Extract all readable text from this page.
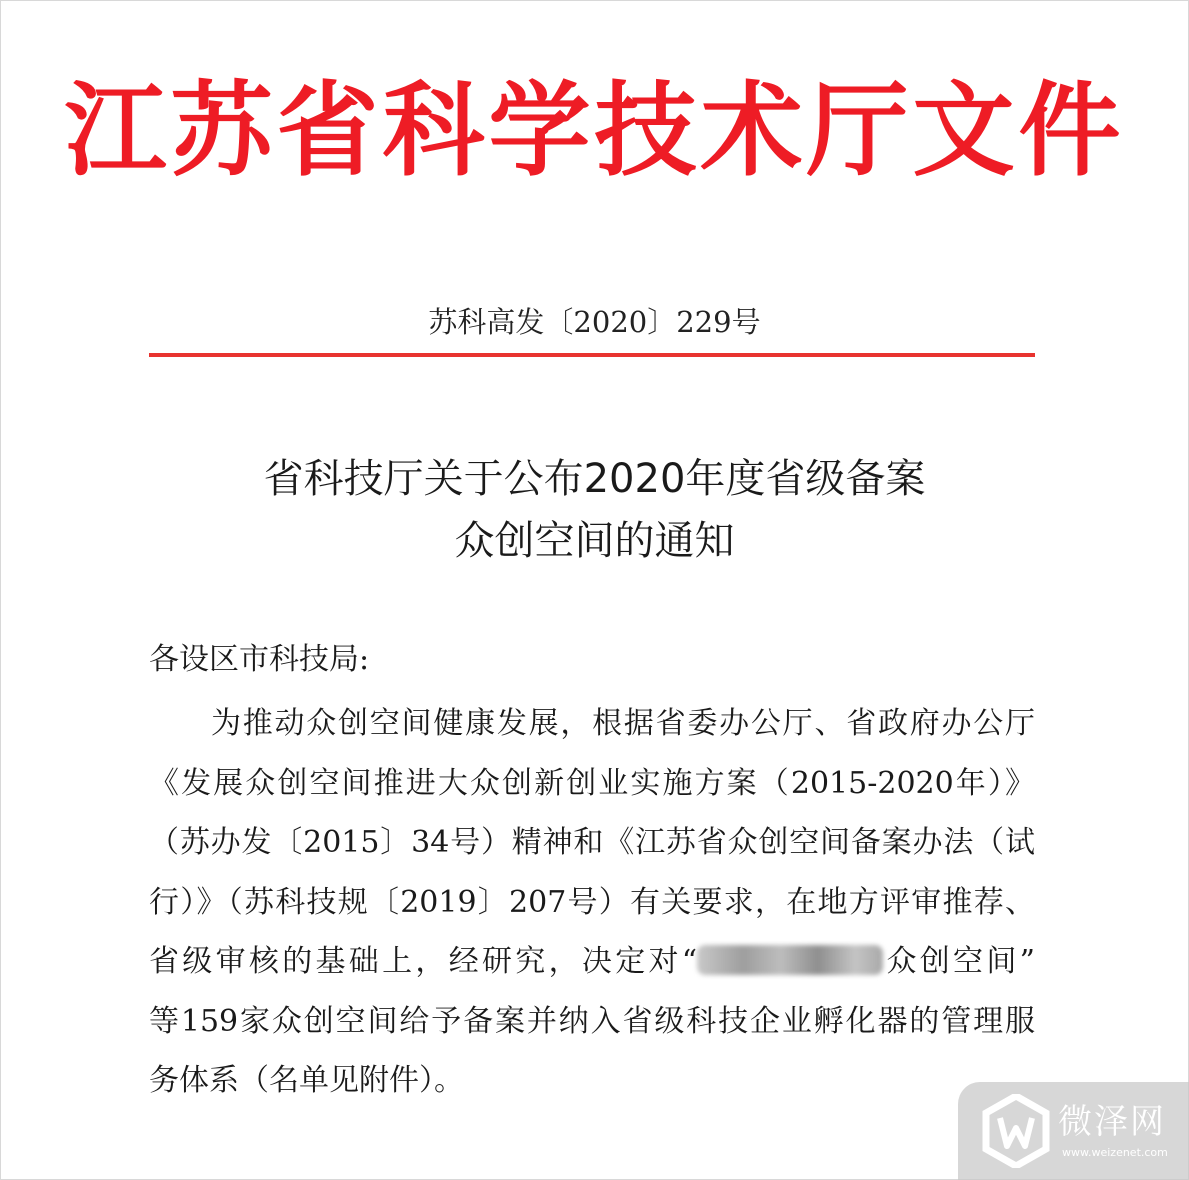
江苏省科学技术厅文件
苏科高发〔2020〕229号
省科技厅关于公布2020年度省级备案
众创空间的通知
各设区市科技局:
为推动众创空间健康发展，根据省委办公厅、省政府办公厅
《发展众创空间推进大众创新创业实施方案（2015-2020年）》
（苏办发〔2015〕34号）精神和《江苏省众创空间备案办法（试
行）》（苏科技规〔2019〕207号）有关要求，在地方评审推荐、
省级审核的基础上，经研究，决定对“	众创空间”
等159家众创空间给予备案并纳入省级科技企业孵化器的管理服
务体系（名单见附件）。
微泽网
www.weizenet.com
